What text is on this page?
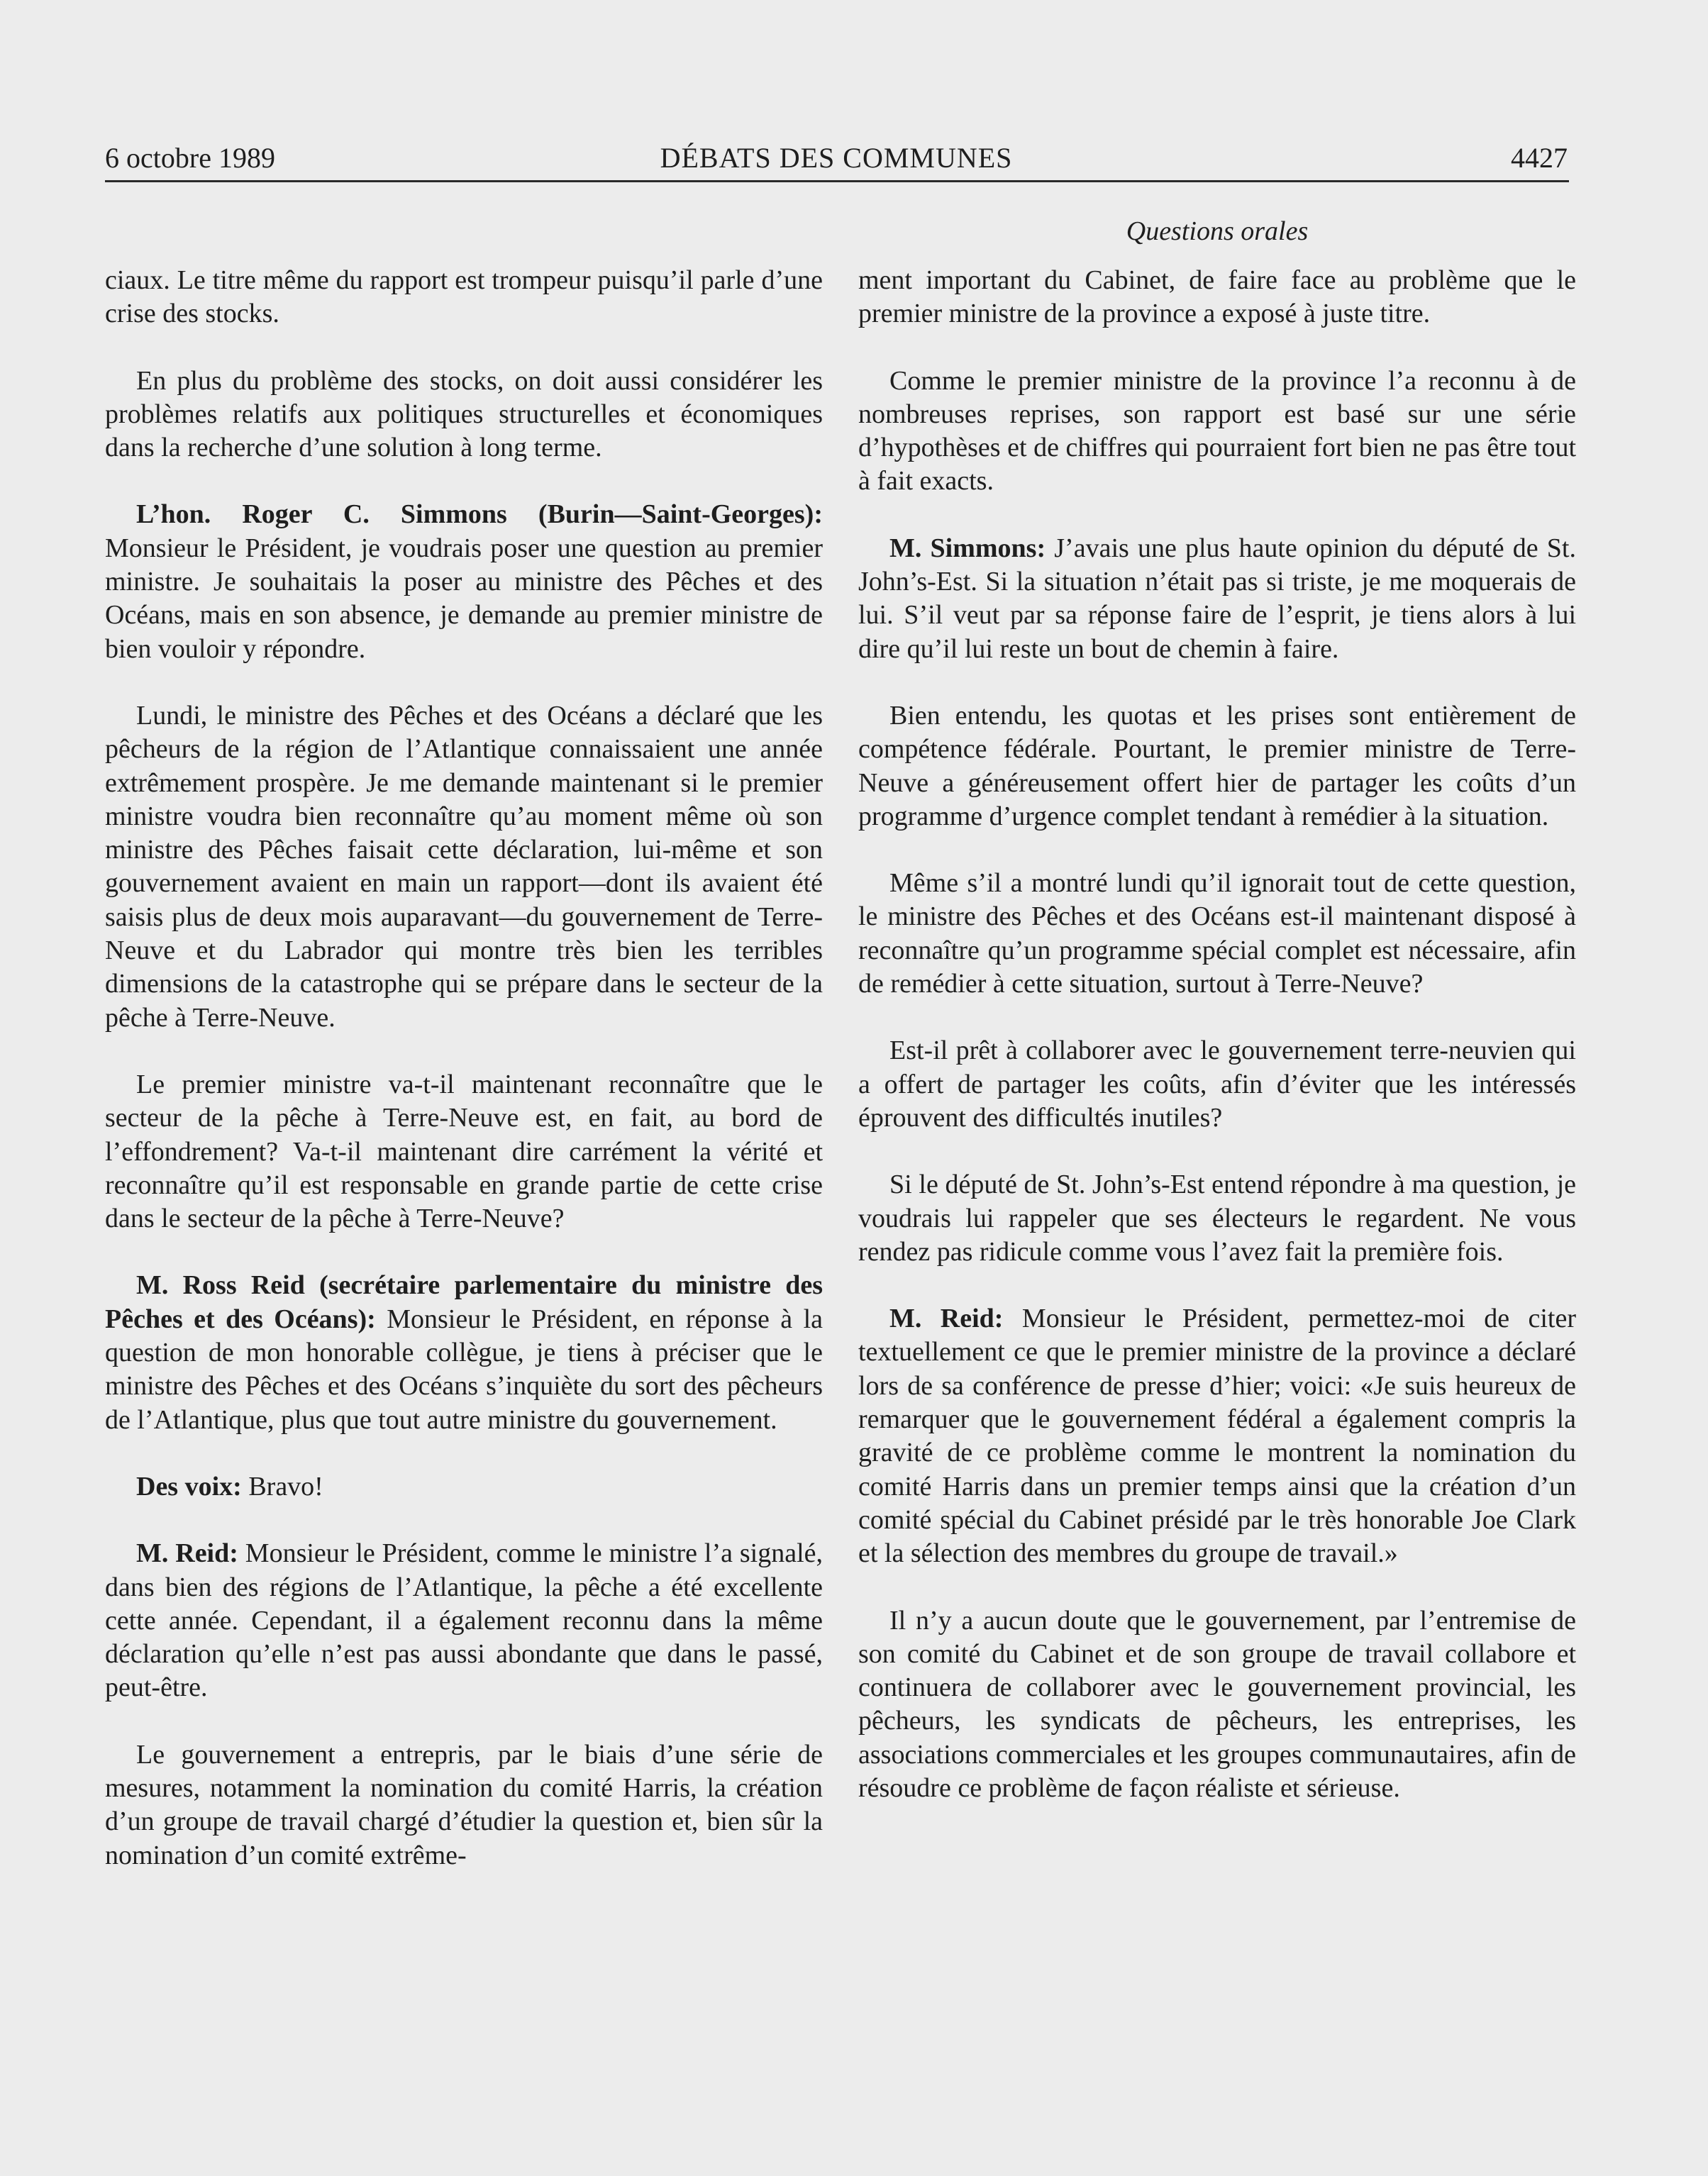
6 octobre 1989	DÉBATS DES COMMUNES	4427
Questions orales

ciaux. Le titre même du rapport est trompeur puisqu’il parle d’une crise des stocks.

En plus du problème des stocks, on doit aussi considérer les problèmes relatifs aux politiques structurelles et économiques dans la recherche d’une solution à long terme.

L’hon. Roger C. Simmons (Burin—Saint-Georges): Monsieur le Président, je voudrais poser une question au premier ministre. Je souhaitais la poser au ministre des Pêches et des Océans, mais en son absence, je demande au premier ministre de bien vouloir y répondre.

Lundi, le ministre des Pêches et des Océans a déclaré que les pêcheurs de la région de l’Atlantique connaissaient une année extrêmement prospère. Je me demande maintenant si le premier ministre voudra bien reconnaître qu’au moment même où son ministre des Pêches faisait cette déclaration, lui-même et son gouvernement avaient en main un rapport—dont ils avaient été saisis plus de deux mois auparavant—du gouvernement de Terre-Neuve et du Labrador qui montre très bien les terribles dimensions de la catastrophe qui se prépare dans le secteur de la pêche à Terre-Neuve.

Le premier ministre va-t-il maintenant reconnaître que le secteur de la pêche à Terre-Neuve est, en fait, au bord de l’effondrement? Va-t-il maintenant dire carrément la vérité et reconnaître qu’il est responsable en grande partie de cette crise dans le secteur de la pêche à Terre-Neuve?

M. Ross Reid (secrétaire parlementaire du ministre des Pêches et des Océans): Monsieur le Président, en réponse à la question de mon honorable collègue, je tiens à préciser que le ministre des Pêches et des Océans s’inquiète du sort des pêcheurs de l’Atlantique, plus que tout autre ministre du gouvernement.

Des voix: Bravo!

M. Reid: Monsieur le Président, comme le ministre l’a signalé, dans bien des régions de l’Atlantique, la pêche a été excellente cette année. Cependant, il a également reconnu dans la même déclaration qu’elle n’est pas aussi abondante que dans le passé, peut-être.

Le gouvernement a entrepris, par le biais d’une série de mesures, notamment la nomination du comité Harris, la création d’un groupe de travail chargé d’étudier la question et, bien sûr la nomination d’un comité extrême-

ment important du Cabinet, de faire face au problème que le premier ministre de la province a exposé à juste titre.

Comme le premier ministre de la province l’a reconnu à de nombreuses reprises, son rapport est basé sur une série d’hypothèses et de chiffres qui pourraient fort bien ne pas être tout à fait exacts.

M. Simmons: J’avais une plus haute opinion du député de St. John’s-Est. Si la situation n’était pas si triste, je me moquerais de lui. S’il veut par sa réponse faire de l’esprit, je tiens alors à lui dire qu’il lui reste un bout de chemin à faire.

Bien entendu, les quotas et les prises sont entièrement de compétence fédérale. Pourtant, le premier ministre de Terre-Neuve a généreusement offert hier de partager les coûts d’un programme d’urgence complet tendant à remédier à la situation.

Même s’il a montré lundi qu’il ignorait tout de cette question, le ministre des Pêches et des Océans est-il maintenant disposé à reconnaître qu’un programme spécial complet est nécessaire, afin de remédier à cette situation, surtout à Terre-Neuve?

Est-il prêt à collaborer avec le gouvernement terre-neuvien qui a offert de partager les coûts, afin d’éviter que les intéressés éprouvent des difficultés inutiles?

Si le député de St. John’s-Est entend répondre à ma question, je voudrais lui rappeler que ses électeurs le regardent. Ne vous rendez pas ridicule comme vous l’avez fait la première fois.

M. Reid: Monsieur le Président, permettez-moi de citer textuellement ce que le premier ministre de la province a déclaré lors de sa conférence de presse d’hier; voici: «Je suis heureux de remarquer que le gouvernement fédéral a également compris la gravité de ce problème comme le montrent la nomination du comité Harris dans un premier temps ainsi que la création d’un comité spécial du Cabinet présidé par le très honorable Joe Clark et la sélection des membres du groupe de travail.»

Il n’y a aucun doute que le gouvernement, par l’entremise de son comité du Cabinet et de son groupe de travail collabore et continuera de collaborer avec le gouvernement provincial, les pêcheurs, les syndicats de pêcheurs, les entreprises, les associations commerciales et les groupes communautaires, afin de résoudre ce problème de façon réaliste et sérieuse.
